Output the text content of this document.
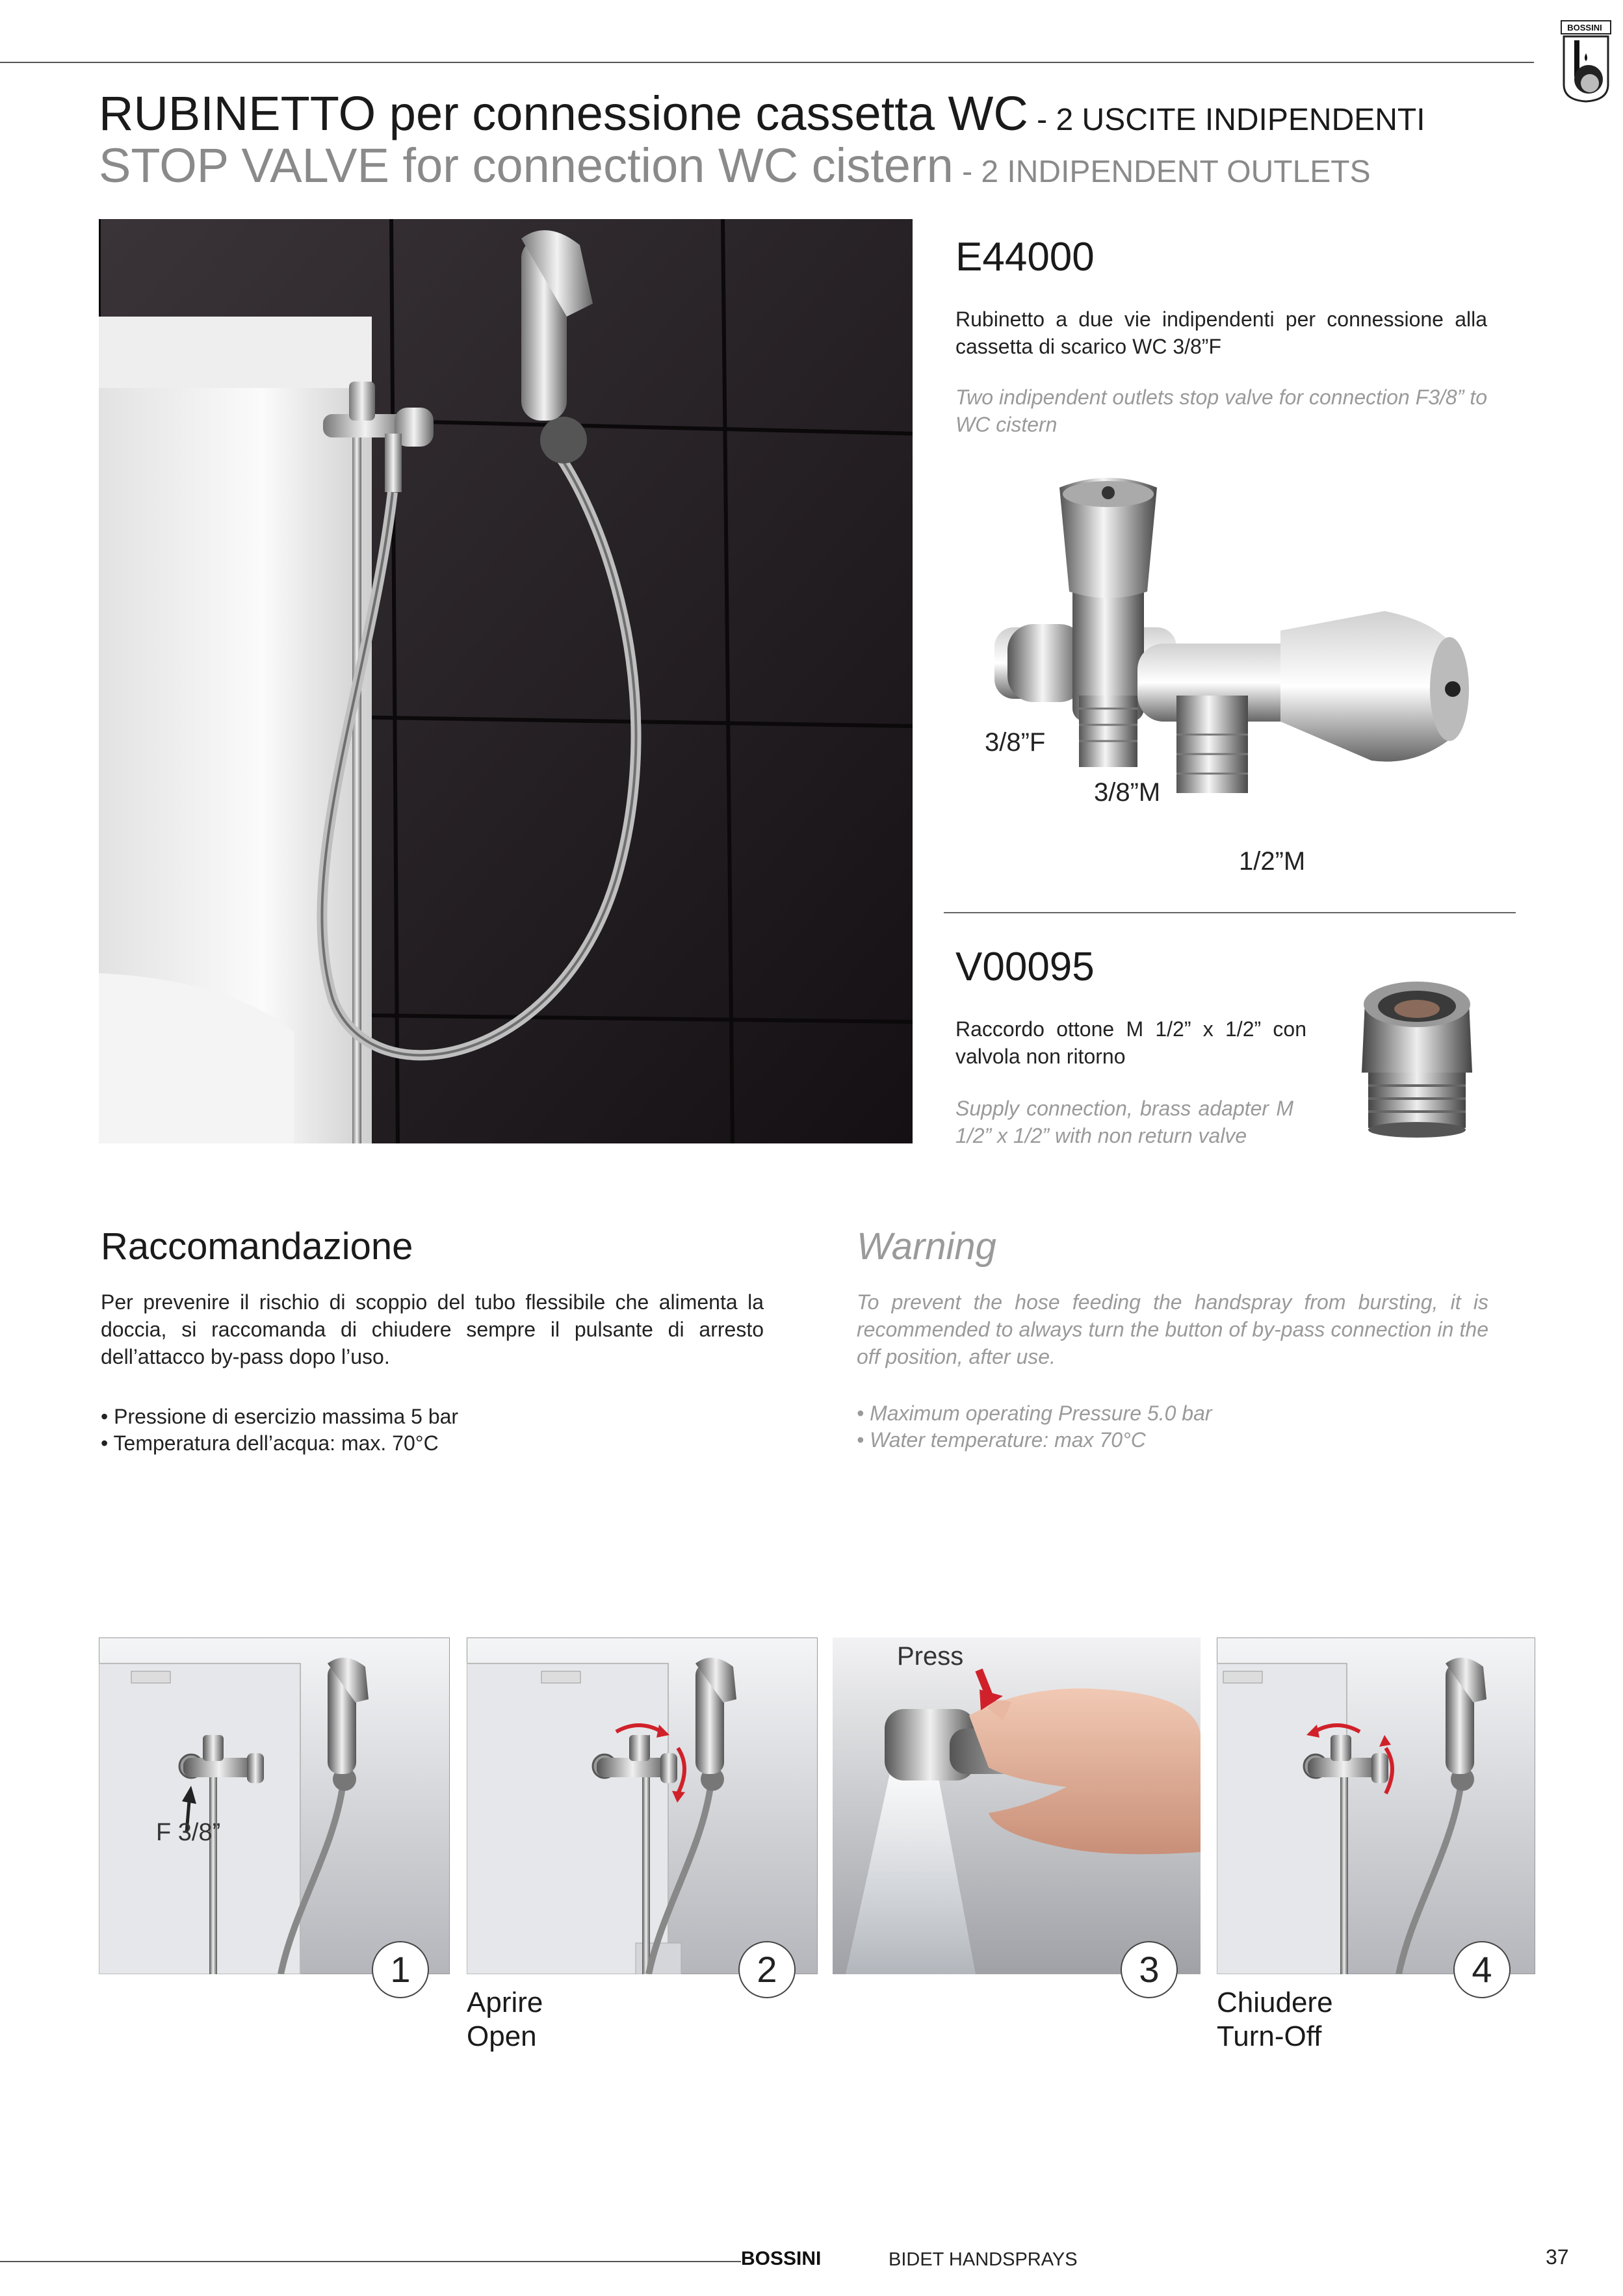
BOSSINI
RUBINETTO per connessione cassetta WC - 2 USCITE INDIPENDENTI
STOP VALVE for connection WC cistern - 2 INDIPENDENT OUTLETS
E44000
Rubinetto a due vie indipendenti per connessione alla cassetta di scarico WC 3/8”F
Two indipendent outlets stop valve for connection F3/8” to WC cistern
3/8”F
3/8”M
1/2”M
V00095
Raccordo ottone M 1/2” x 1/2” con valvola non ritorno
Supply connection, brass adapter M 1/2” x 1/2” with non return valve
Raccomandazione
Per prevenire il rischio di scoppio del tubo flessibile che alimenta la doccia, si raccomanda di chiudere sempre il pulsante di arresto dell’attacco by-pass dopo l’uso.
• Pressione di esercizio massima 5 bar
• Temperatura dell’acqua: max. 70°C
Warning
To prevent the hose feeding the handspray from bursting, it is recommended to always turn the button of by-pass connection in the off position, after use.
• Maximum operating Pressure 5.0 bar
• Water temperature: max 70°C
F 3/8”
1	2
Aprire
Open
Press
3	4
Chiudere
Turn-Off
BOSSINI	BIDET HANDSPRAYS	37
